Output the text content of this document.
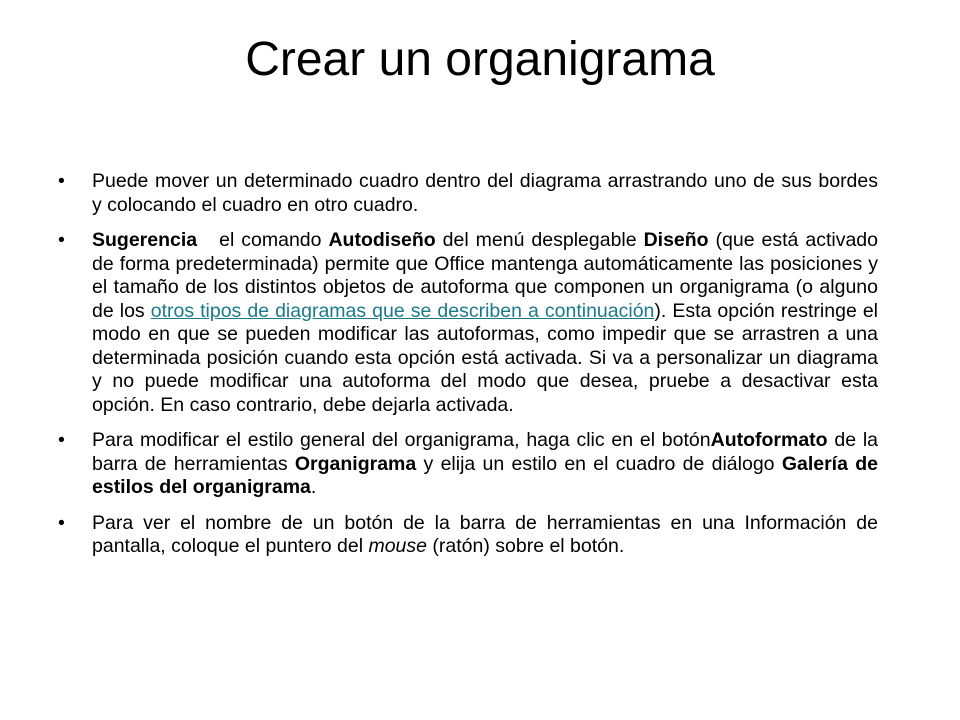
Crear un organigrama
•	Puede mover un determinado cuadro dentro del diagrama arrastrando uno de sus bordes y colocando el cuadro en otro cuadro.
•	Sugerencia el comando Autodiseño del menú desplegable Diseño (que está activado de forma predeterminada) permite que Office mantenga automáticamente las posiciones y el tamaño de los distintos objetos de autoforma que componen un organigrama (o alguno de los otros tipos de diagramas que se describen a continuación). Esta opción restringe el modo en que se pueden modificar las autoformas, como impedir que se arrastren a una determinada posición cuando esta opción está activada. Si va a personalizar un diagrama y no puede modificar una autoforma del modo que desea, pruebe a desactivar esta opción. En caso contrario, debe dejarla activada.
•	Para modificar el estilo general del organigrama, haga clic en el botónAutoformato de la barra de herramientas Organigrama y elija un estilo en el cuadro de diálogo Galería de estilos del organigrama.
•	Para ver el nombre de un botón de la barra de herramientas en una Información de pantalla, coloque el puntero del mouse (ratón) sobre el botón.
